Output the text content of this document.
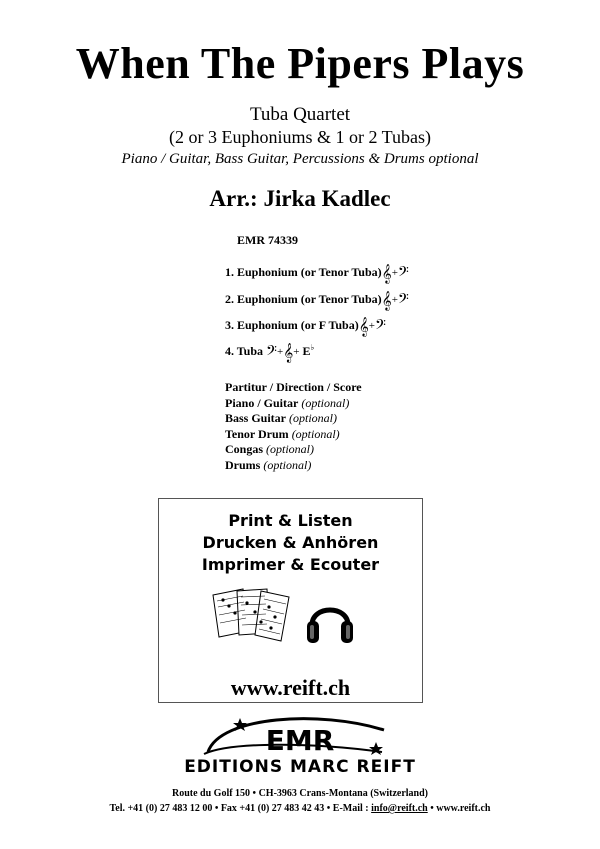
When The Pipers Plays
Tuba Quartet
(2 or 3 Euphoniums & 1 or 2 Tubas)
Piano / Guitar, Bass Guitar, Percussions & Drums optional
Arr.: Jirka Kadlec
EMR 74339
1. Euphonium (or Tenor Tuba)𝄞+𝄢
2. Euphonium (or Tenor Tuba)𝄞+𝄢
3. Euphonium (or F Tuba)𝄞+𝄢
4. Tuba 𝄢+𝄞+ E♭
Partitur / Direction / Score
Piano / Guitar (optional)
Bass Guitar (optional)
Tenor Drum (optional)
Congas (optional)
Drums (optional)
Print & Listen
Drucken & Anhören
Imprimer & Ecouter
www.reift.ch
EMR
EDITIONS MARC REIFT
Route du Golf 150 • CH-3963 Crans-Montana (Switzerland)
Tel. +41 (0) 27 483 12 00 • Fax +41 (0) 27 483 42 43 • E-Mail : info@reift.ch • www.reift.ch
